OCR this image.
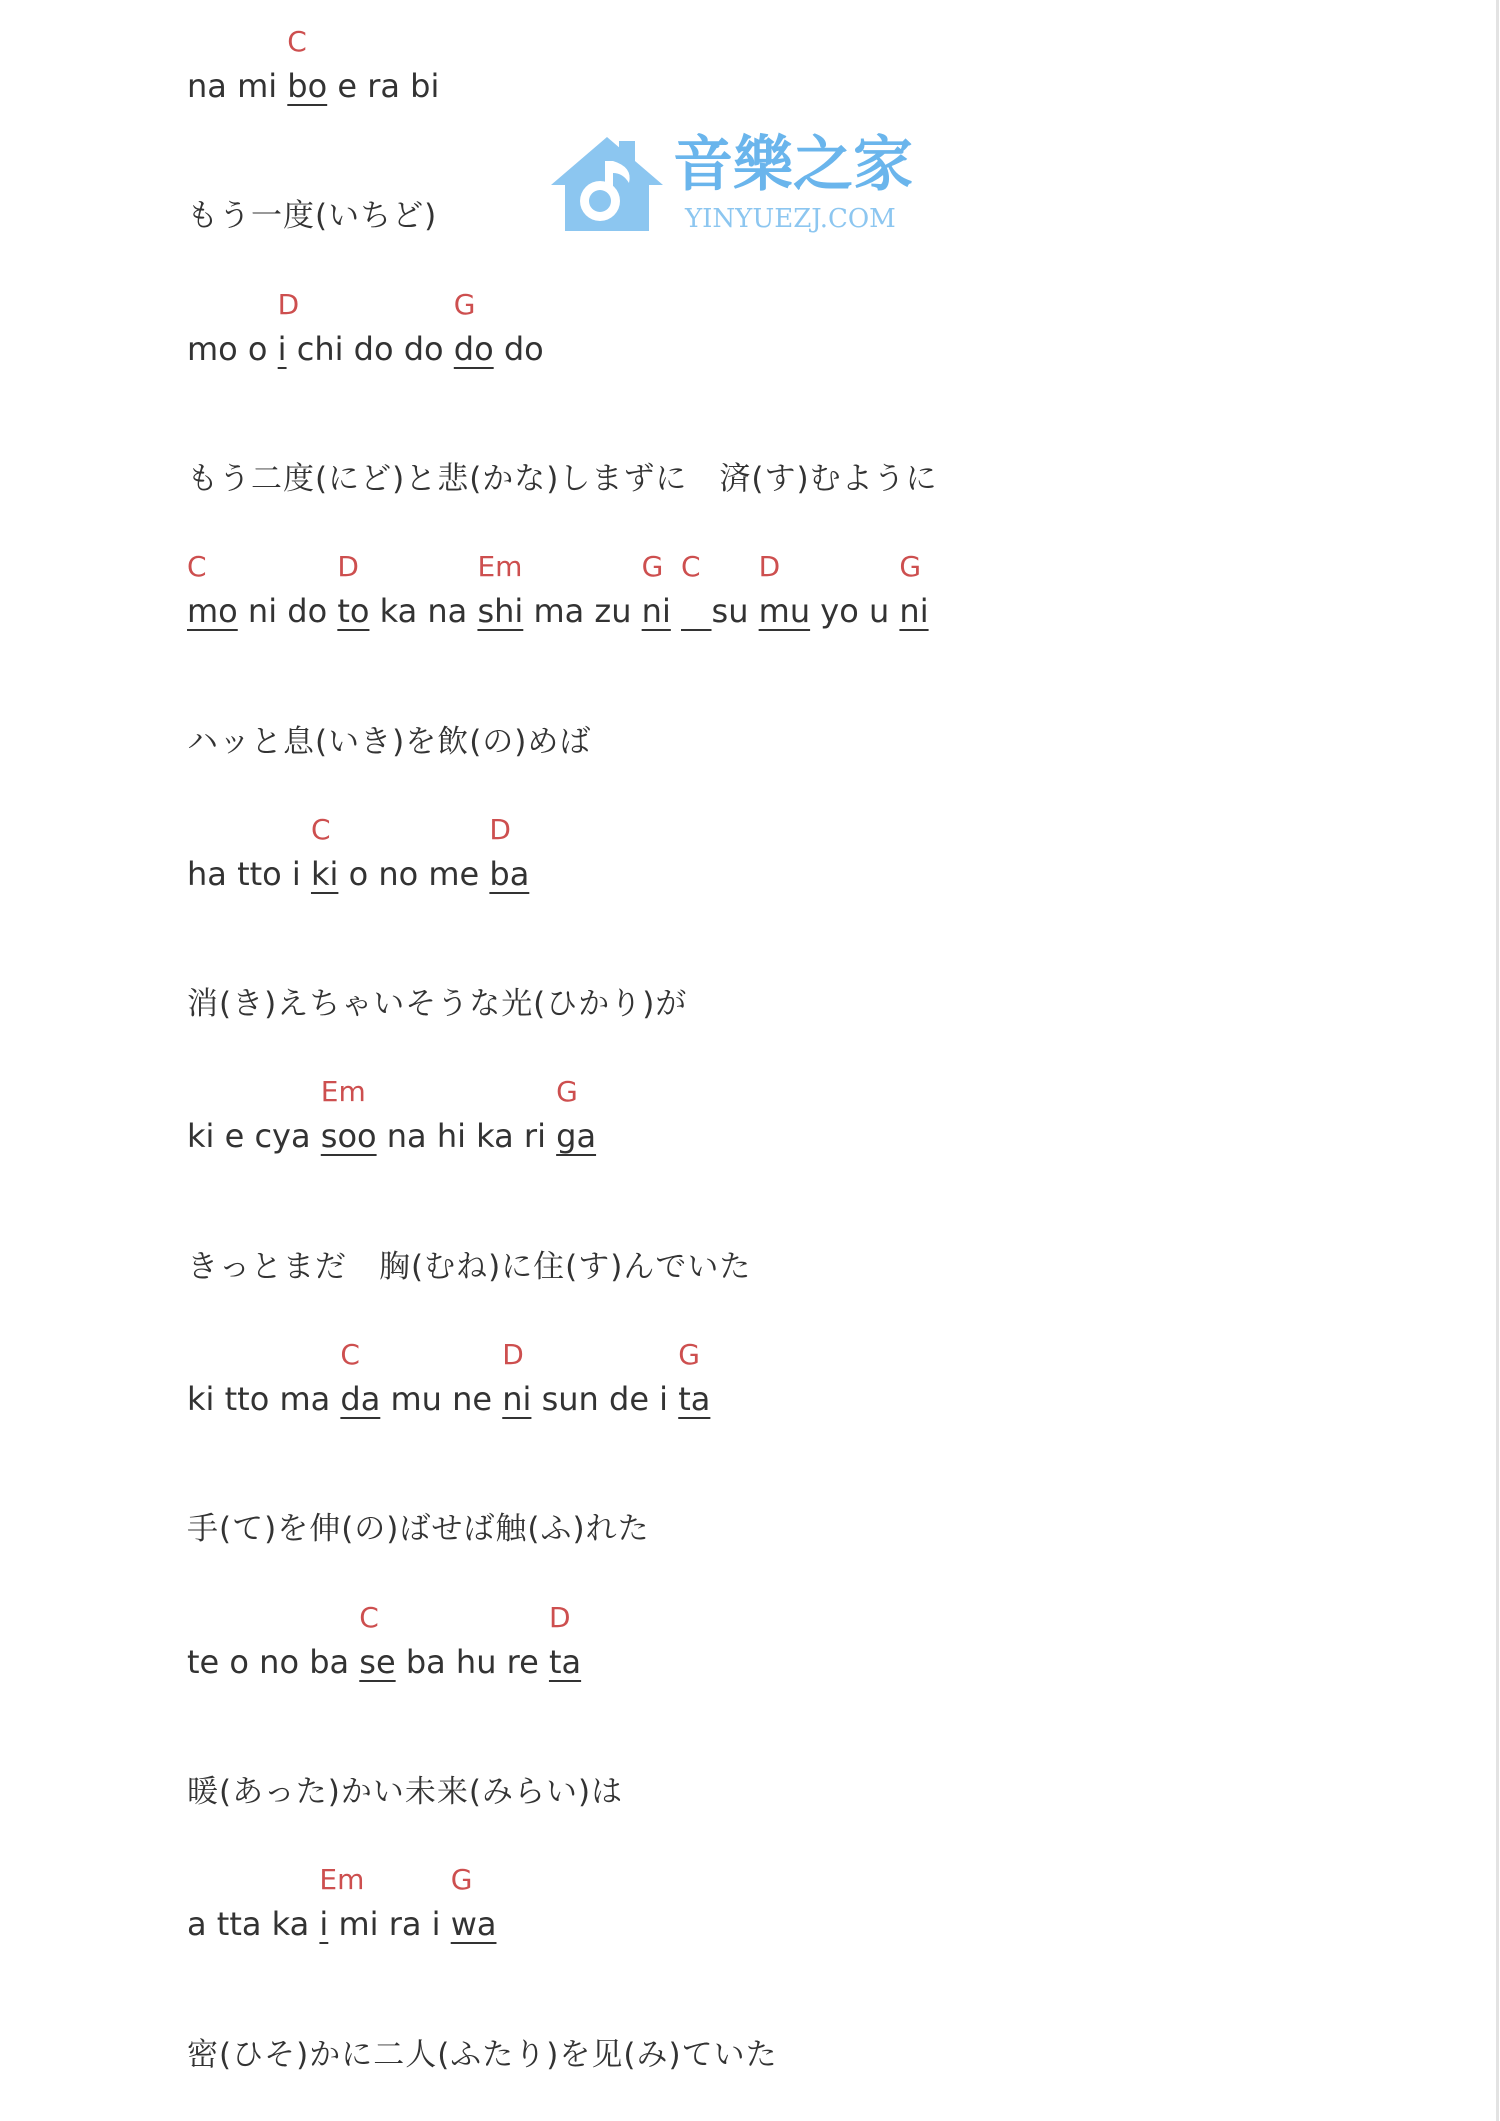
音樂之家
YINYUEZJ.COM
na mi bo
C
e ra bi
もう一度(いちど)
mo o i
D
chi do do do
G
do
もう二度(にど)と悲(かな)しまずに　済(す)むように
mo
C
ni do to
D
ka na shi
Em
ma zu ni
G
C
su mu
D
yo u ni
G
ハッと息(いき)を飲(の)めば
ha tto i ki
C
o no me ba
D
消(き)えちゃいそうな光(ひかり)が
ki e cya soo
Em
na hi ka ri ga
G
きっとまだ　胸(むね)に住(す)んでいた
ki tto ma da
C
mu ne ni
D
sun de i ta
G
手(て)を伸(の)ばせば触(ふ)れた
te o no ba se
C
ba hu re ta
D
暖(あった)かい未来(みらい)は
a tta ka i
Em
mi ra i wa
G
密(ひそ)かに二人(ふたり)を见(み)ていた
